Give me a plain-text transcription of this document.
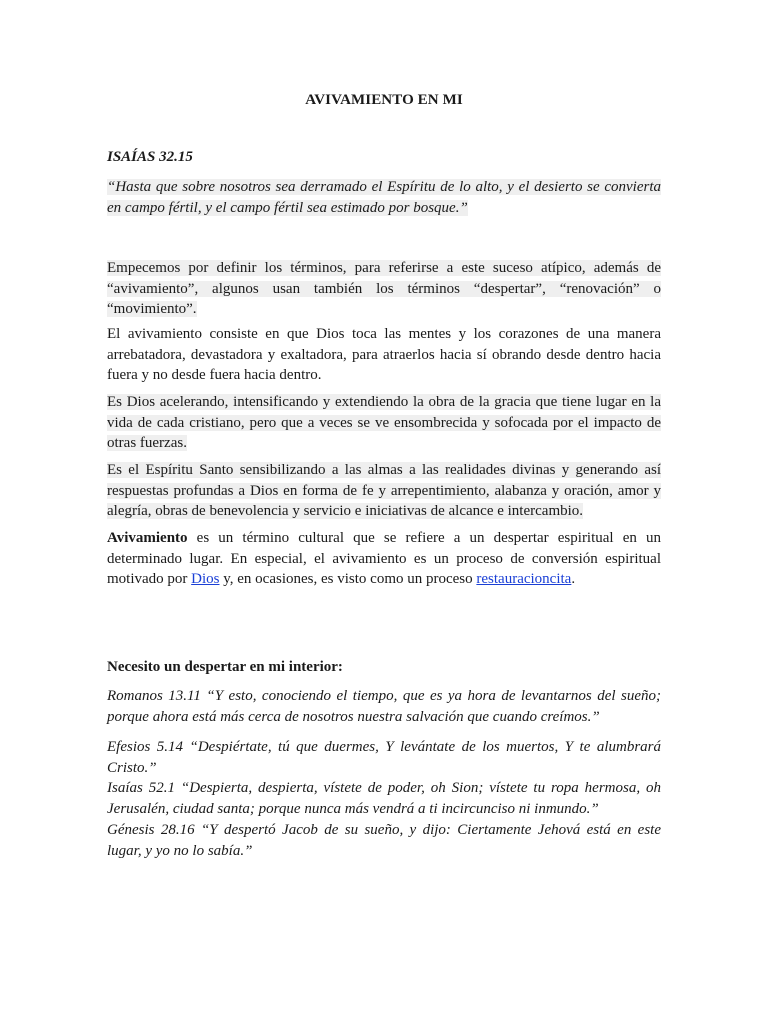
AVIVAMIENTO EN MI
ISAÍAS 32.15
“Hasta que sobre nosotros sea derramado el Espíritu de lo alto, y el desierto se convierta en campo fértil, y el campo fértil sea estimado por bosque.”
Empecemos por definir los términos, para referirse a este suceso atípico, además de “avivamiento”, algunos usan también los términos “despertar”, “renovación” o “movimiento”.
El avivamiento consiste en que Dios toca las mentes y los corazones de una manera arrebatadora, devastadora y exaltadora, para atraerlos hacia sí obrando desde dentro hacia fuera y no desde fuera hacia dentro.
Es Dios acelerando, intensificando y extendiendo la obra de la gracia que tiene lugar en la vida de cada cristiano, pero que a veces se ve ensombrecida y sofocada por el impacto de otras fuerzas.
Es el Espíritu Santo sensibilizando a las almas a las realidades divinas y generando así respuestas profundas a Dios en forma de fe y arrepentimiento, alabanza y oración, amor y alegría, obras de benevolencia y servicio e iniciativas de alcance e intercambio.
Avivamiento es un término cultural que se refiere a un despertar espiritual en un determinado lugar. En especial, el avivamiento es un proceso de conversión espiritual motivado por Dios y, en ocasiones, es visto como un proceso restauracioncita.
Necesito un despertar en mi interior:
Romanos 13.11 “Y esto, conociendo el tiempo, que es ya hora de levantarnos del sueño; porque ahora está más cerca de nosotros nuestra salvación que cuando creímos.”
Efesios 5.14 “Despiértate, tú que duermes, Y levántate de los muertos, Y te alumbrará Cristo.”
Isaías 52.1 “Despierta, despierta, vístete de poder, oh Sion; vístete tu ropa hermosa, oh Jerusalén, ciudad santa; porque nunca más vendrá a ti incircunciso ni inmundo.”
Génesis 28.16 “Y despertó Jacob de su sueño, y dijo: Ciertamente Jehová está en este lugar, y yo no lo sabía.”
